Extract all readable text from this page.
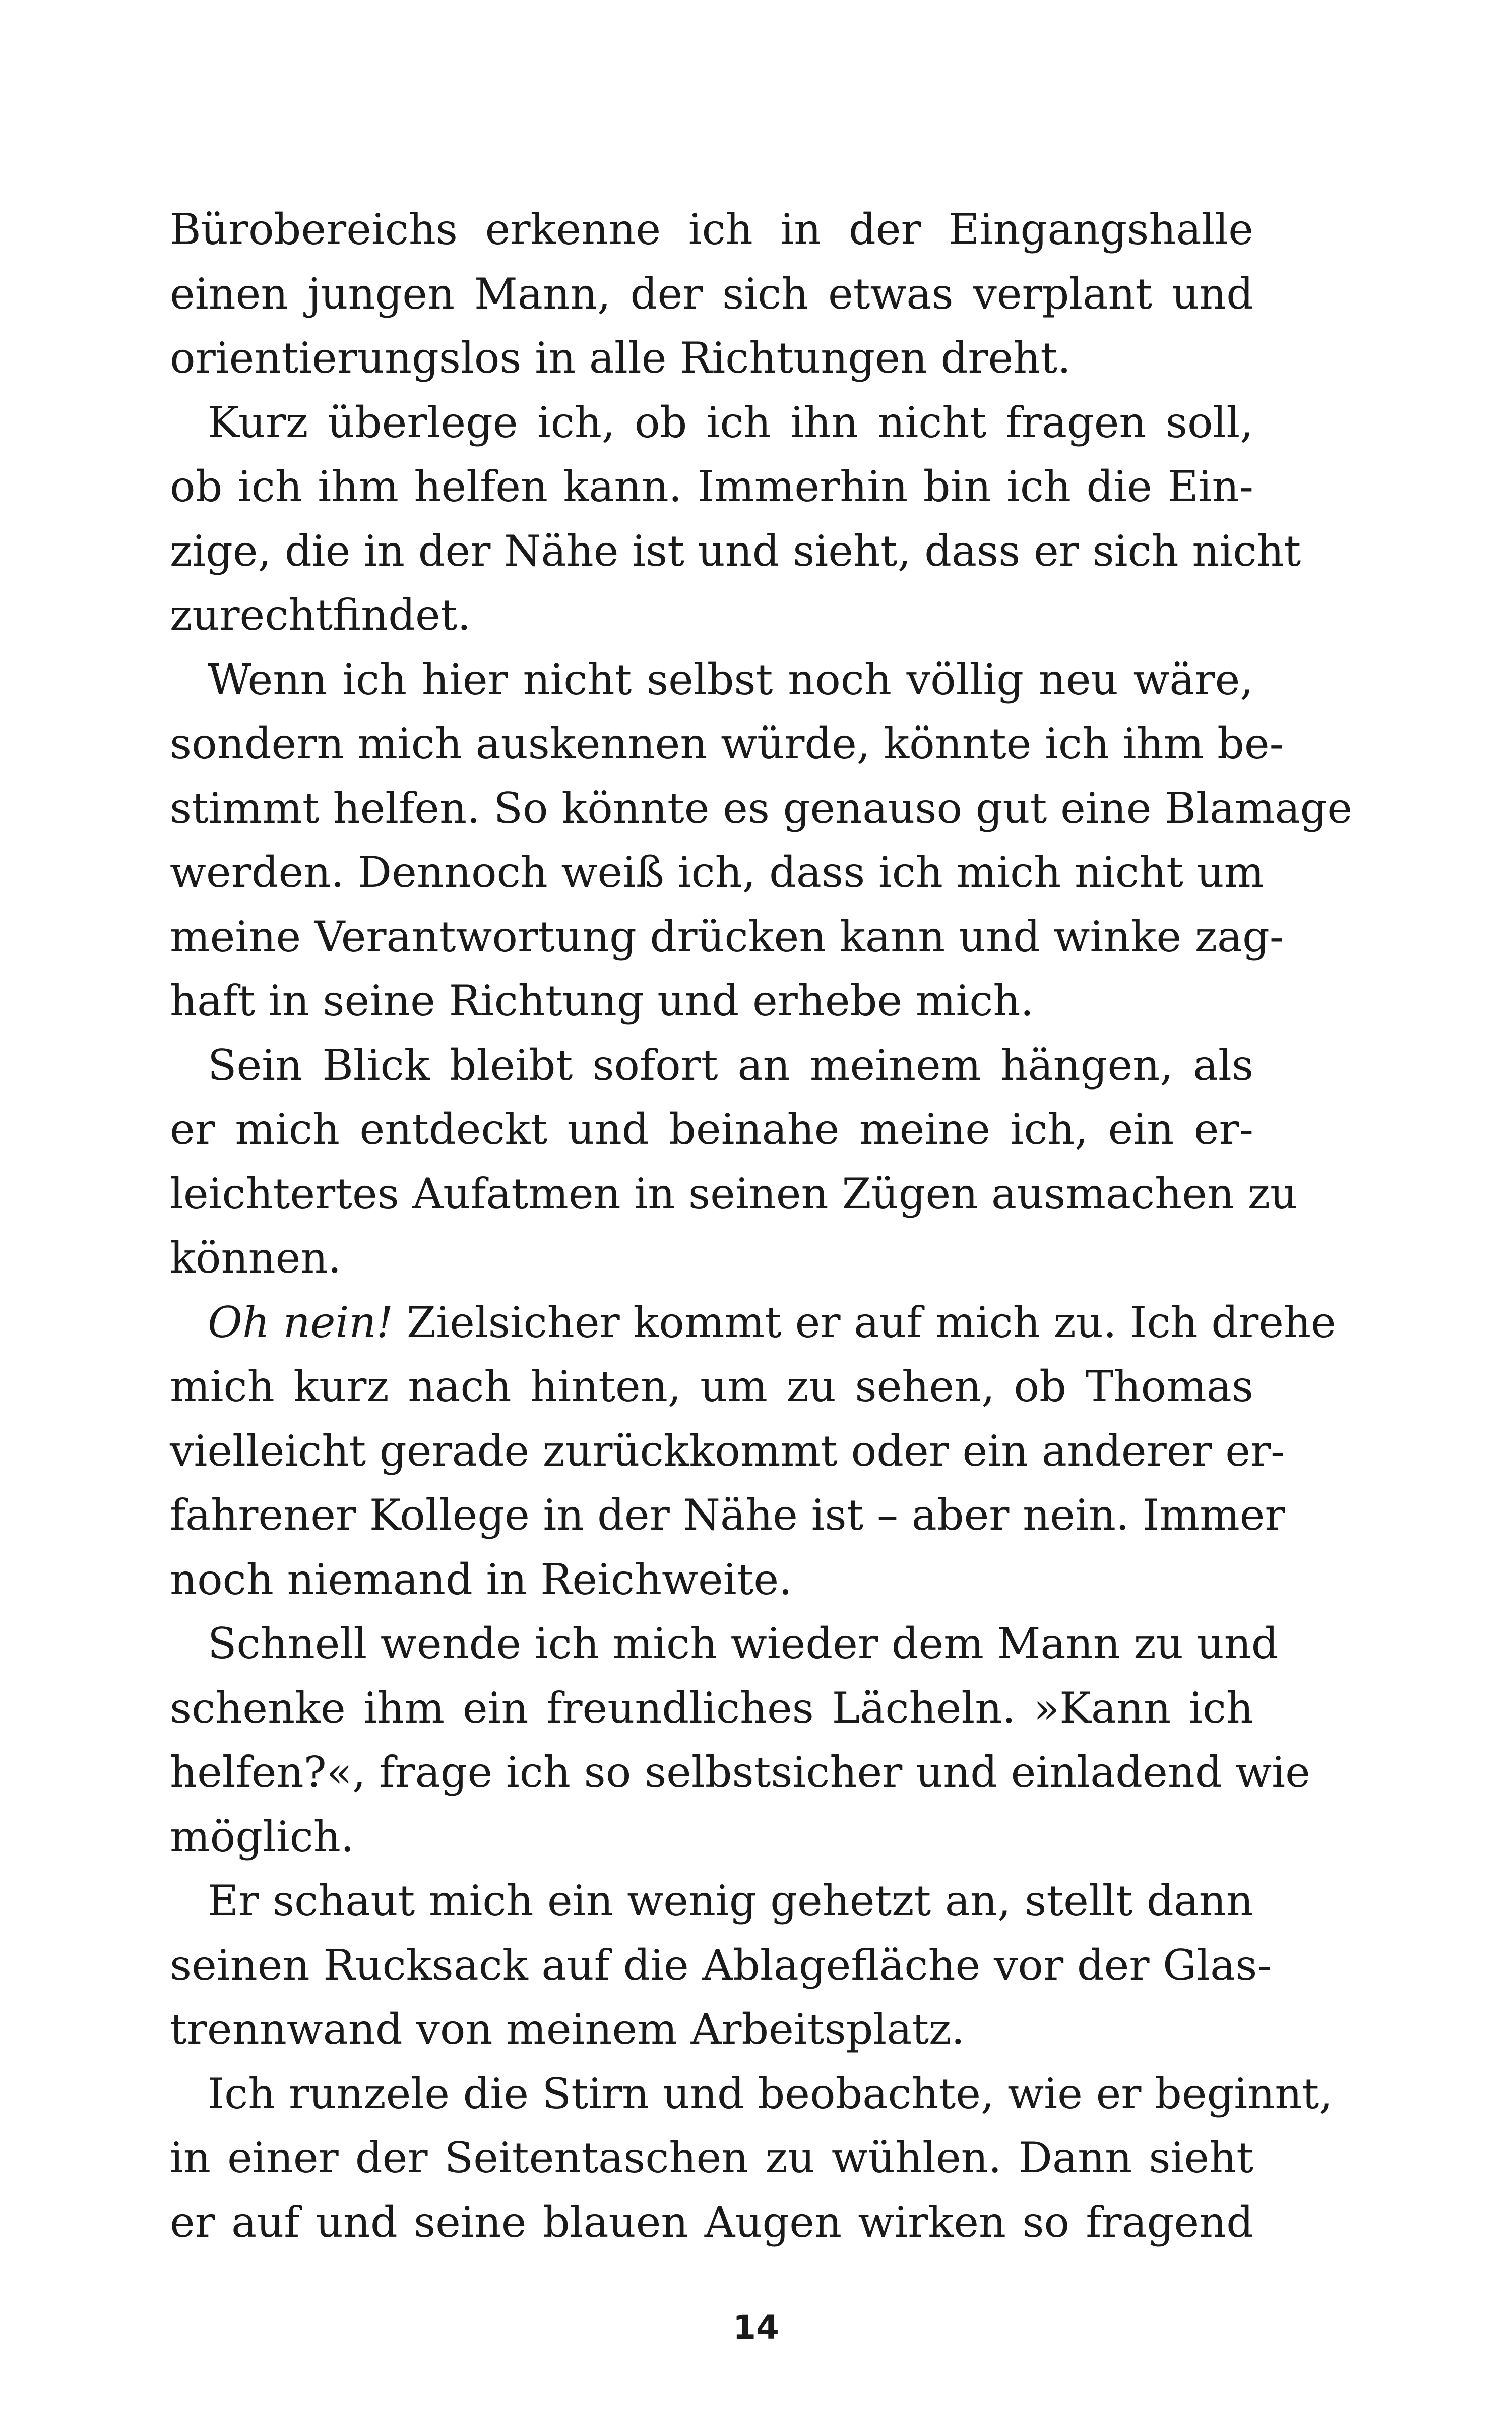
Bürobereichs erkenne ich in der Eingangshalle
einen jungen Mann, der sich etwas verplant und
orientierungslos in alle Richtungen dreht.
Kurz überlege ich, ob ich ihn nicht fragen soll,
ob ich ihm helfen kann. Immerhin bin ich die Ein-
zige, die in der Nähe ist und sieht, dass er sich nicht
zurechtfindet.
Wenn ich hier nicht selbst noch völlig neu wäre,
sondern mich auskennen würde, könnte ich ihm be-
stimmt helfen. So könnte es genauso gut eine Blamage
werden. Dennoch weiß ich, dass ich mich nicht um
meine Verantwortung drücken kann und winke zag-
haft in seine Richtung und erhebe mich.
Sein Blick bleibt sofort an meinem hängen, als
er mich entdeckt und beinahe meine ich, ein er-
leichtertes Aufatmen in seinen Zügen ausmachen zu
können.
Oh nein! Zielsicher kommt er auf mich zu. Ich drehe
mich kurz nach hinten, um zu sehen, ob Thomas
vielleicht gerade zurückkommt oder ein anderer er-
fahrener Kollege in der Nähe ist – aber nein. Immer
noch niemand in Reichweite.
Schnell wende ich mich wieder dem Mann zu und
schenke ihm ein freundliches Lächeln. »Kann ich
helfen?«, frage ich so selbstsicher und einladend wie
möglich.
Er schaut mich ein wenig gehetzt an, stellt dann
seinen Rucksack auf die Ablagefläche vor der Glas-
trennwand von meinem Arbeitsplatz.
Ich runzele die Stirn und beobachte, wie er beginnt,
in einer der Seitentaschen zu wühlen. Dann sieht
er auf und seine blauen Augen wirken so fragend
14
